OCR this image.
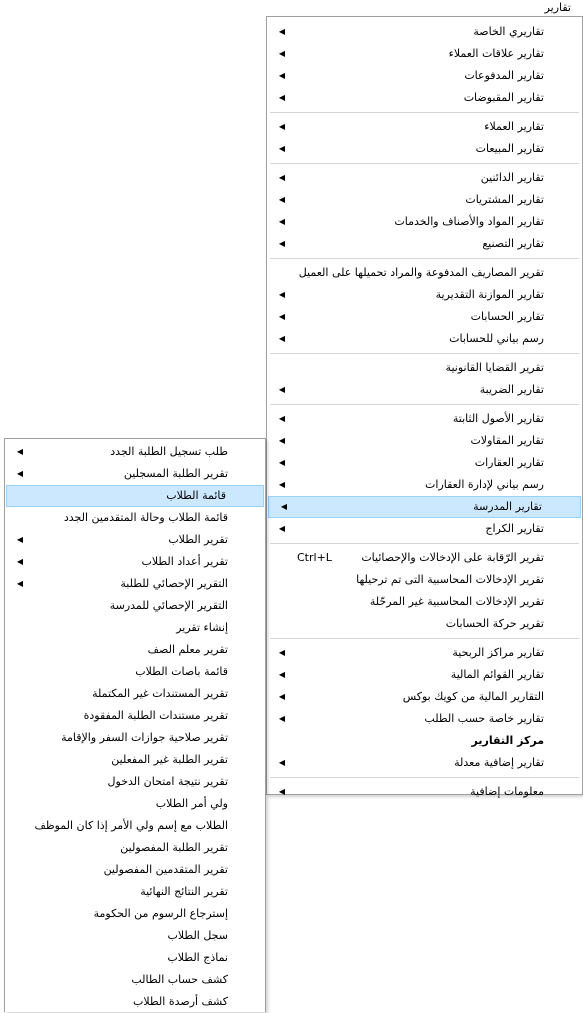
تقارير
تقاريري الخاصة
◀
تقارير علاقات العملاء
◀
تقارير المدفوعات
◀
تقارير المقبوضات
◀
تقارير العملاء
◀
تقارير المبيعات
◀
تقارير الدائنين
◀
تقارير المشتريات
◀
تقارير المواد والأصناف والخدمات
◀
تقارير التصنيع
◀
تقرير المصاريف المدفوعة والمراد تحميلها على العميل
تقارير الموازنة التقديرية
◀
تقارير الحسابات
◀
رسم بياني للحسابات
◀
تقرير القضايا القانونية
تقارير الضريبة
◀
تقارير الأصول الثابتة
◀
تقارير المقاولات
◀
تقارير العقارات
◀
رسم بياني لإدارة العقارات
◀
تقارير المدرسة
◀
تقارير الكراج
◀
تقرير الرّقابة على الإدخالات والإحصائيات
Ctrl+L
تقرير الإدخالات المحاسبية التى تم ترحيلها
تقرير الإدخالات المحاسبية غير المرحّلة
تقرير حركة الحسابات
تقارير مراكز الربحية
◀
تقارير القوائم المالية
◀
التقارير المالية من كويك بوكس
◀
تقارير خاصة حسب الطلب
◀
مركز التقارير
تقارير إضافية معدلة
◀
معلومات إضافية
◀
طلب تسجيل الطلبة الجدد
◀
تقرير الطلبة المسجلين
◀
قائمة الطلاب
قائمة الطلاب وحالة المتقدمين الجدد
تقرير الطلاب
◀
تقرير أعداد الطلاب
◀
التقرير الإحصائي للطلبة
◀
التقرير الإحصائي للمدرسة
إنشاء تقرير
تقرير معلم الصف
قائمة باصات الطلاب
تقرير المستندات غير المكتملة
تقرير مستندات الطلبة المفقودة
تقرير صلاحية جوازات السفر والإقامة
تقرير الطلبة غير المفعلين
تقرير نتيجة امتحان الدخول
ولي أمر الطلاب
الطلاب مع إسم ولي الأمر إذا كان الموظف
تقرير الطلبة المفصولين
تقرير المتقدمين المفصولين
تقرير النتائج النهائية
إسترجاع الرسوم من الحكومة
سجل الطلاب
نماذج الطلاب
كشف حساب الطالب
كشف أرصدة الطلاب
